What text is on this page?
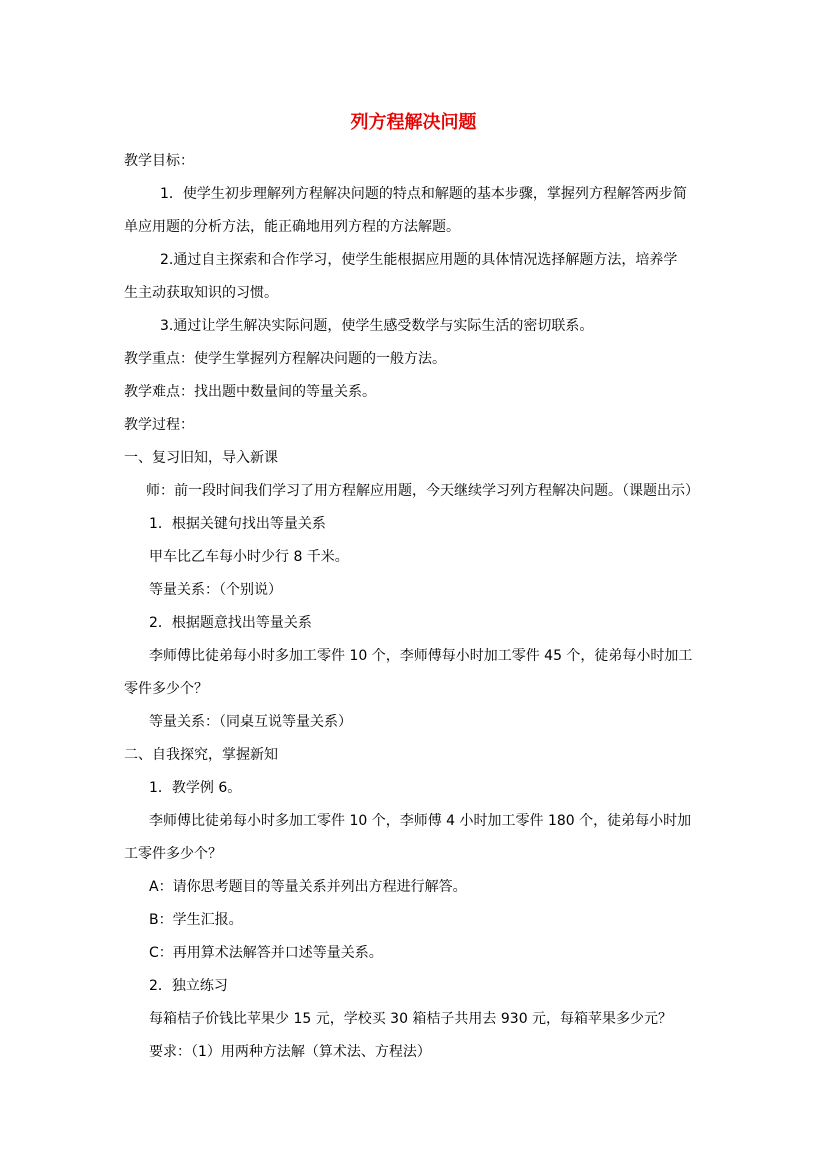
列方程解决问题
教学目标：
1．使学生初步理解列方程解决问题的特点和解题的基本步骤，掌握列方程解答两步简
单应用题的分析方法，能正确地用列方程的方法解题。
2.通过自主探索和合作学习，使学生能根据应用题的具体情况选择解题方法，培养学
生主动获取知识的习惯。
3.通过让学生解决实际问题，使学生感受数学与实际生活的密切联系。
教学重点：使学生掌握列方程解决问题的一般方法。
教学难点：找出题中数量间的等量关系。
教学过程：
一、复习旧知，导入新课
师：前一段时间我们学习了用方程解应用题，今天继续学习列方程解决问题。（课题出示）
1．根据关键句找出等量关系
甲车比乙车每小时少行 8 千米。
等量关系：（个别说）
2．根据题意找出等量关系
李师傅比徒弟每小时多加工零件 10 个，李师傅每小时加工零件 45 个，徒弟每小时加工
零件多少个？
等量关系：（同桌互说等量关系）
二、自我探究，掌握新知
1．教学例 6。
李师傅比徒弟每小时多加工零件 10 个，李师傅 4 小时加工零件 180 个，徒弟每小时加
工零件多少个？
A：请你思考题目的等量关系并列出方程进行解答。
B：学生汇报。
C：再用算术法解答并口述等量关系。
2．独立练习
每箱桔子价钱比苹果少 15 元，学校买 30 箱桔子共用去 930 元，每箱苹果多少元？
要求：（1）用两种方法解（算术法、方程法）
